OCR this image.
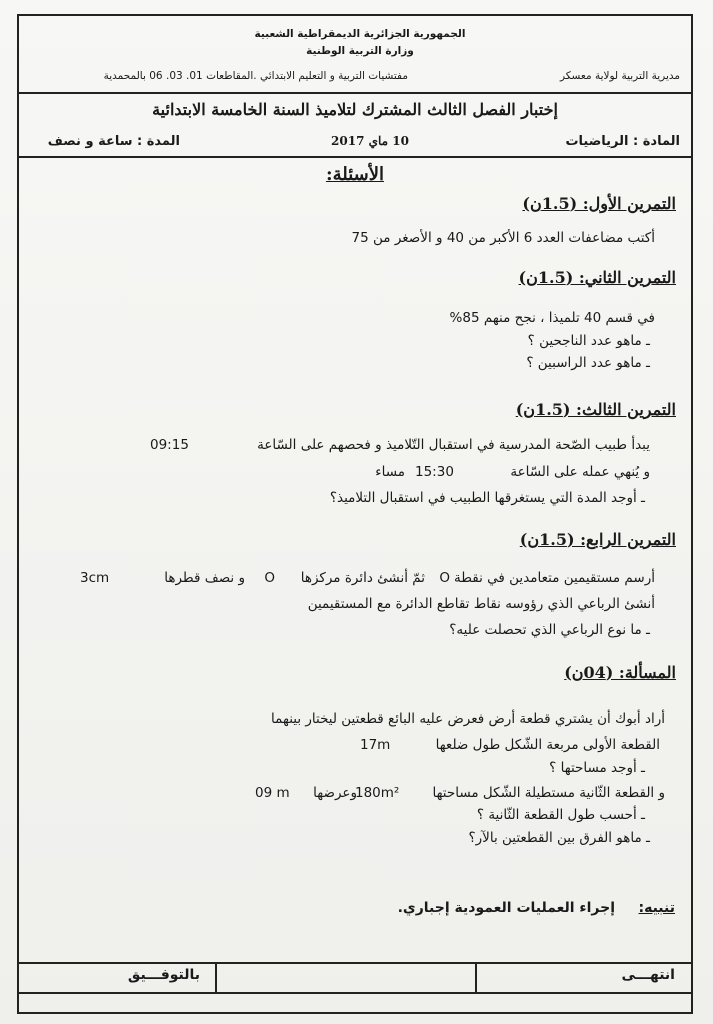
الجمهورية الجزائرية الديمقراطية الشعبية
وزارة التربية الوطنية
مديرية التربية لولاية معسكر
مفتشيات التربية و التعليم الابتدائي .المقاطعات 01. 03. 06 بالمحمدية
إختبار الفصل الثالث المشترك لتلاميذ السنة الخامسة الابتدائية
المادة : الرياضيات
10 ماي 2017
المدة : ساعة و نصف
الأسئلة:
التمرين الأول: (1.5ن)
أكتب مضاعفات العدد 6 الأكبر من 40 و الأصغر من 75
التمرين الثاني: (1.5ن)
في قسم 40 تلميذا ، نجح منهم 85%
ـ ماهو عدد الناجحين ؟
ـ ماهو عدد الراسبين ؟
التمرين الثالث: (1.5ن)
يبدأ طبيب الصّحة المدرسية في استقبال التّلاميذ و فحصهم على السّاعة
09:15
و يُنهي عمله على السّاعة
15:30
مساء
ـ أوجد المدة التي يستغرقها الطبيب في استقبال التلاميذ؟
التمرين الرابع: (1.5ن)
أرسم مستقيمين متعامدين في نقطة
O
ثمّ أنشئ دائرة مركزها
O
و نصف قطرها
3cm
أنشئ الرباعي الذي رؤوسه نقاط تقاطع الدائرة مع المستقيمين
ـ ما نوع الرباعي الذي تحصلت عليه؟
المسألة: (04ن)
أراد أبوك أن يشتري قطعة أرض فعرض عليه البائع قطعتين ليختار بينهما
القطعة الأولى مربعة الشّكل طول ضلعها
17m
ـ أوجد مساحتها ؟
و القطعة الثّانية مستطيلة الشّكل مساحتها
180m²
وعرضها
09 m
ـ أحسب طول القطعة الثّانية ؟
ـ ماهو الفرق بين القطعتين بالآر؟
تنبيه:
إجراء العمليات العمودية إجباري.
انتهـــى
بالتوفـــيق
